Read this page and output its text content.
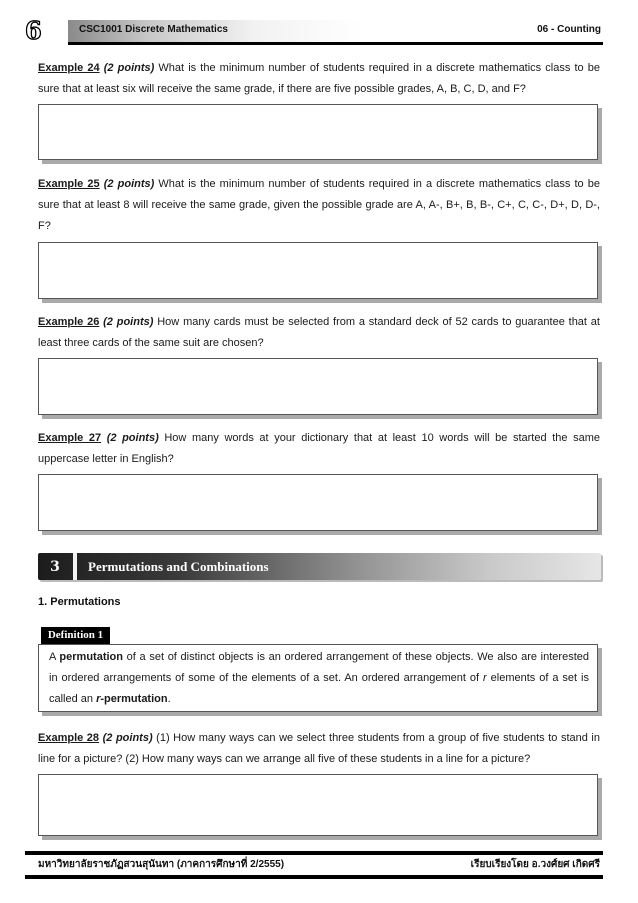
6	CSC1001 Discrete Mathematics	06 - Counting
Example 24 (2 points) What is the minimum number of students required in a discrete mathematics class to be sure that at least six will receive the same grade, if there are five possible grades, A, B, C, D, and F?
Example 25 (2 points) What is the minimum number of students required in a discrete mathematics class to be sure that at least 8 will receive the same grade, given the possible grade are A, A-, B+, B, B-, C+, C, C-, D+, D, D-, F?
Example 26 (2 points) How many cards must be selected from a standard deck of 52 cards to guarantee that at least three cards of the same suit are chosen?
Example 27 (2 points) How many words at your dictionary that at least 10 words will be started the same uppercase letter in English?
3	Permutations and Combinations
1. Permutations
Definition 1
A permutation of a set of distinct objects is an ordered arrangement of these objects. We also are interested in ordered arrangements of some of the elements of a set. An ordered arrangement of r elements of a set is called an r-permutation.
Example 28 (2 points) (1) How many ways can we select three students from a group of five students to stand in line for a picture? (2) How many ways can we arrange all five of these students in a line for a picture?
มหาวิทยาลัยราชภัฏสวนสุนันทา (ภาคการศึกษาที่ 2/2555)	เรียบเรียงโดย อ.วงศ์ยศ เกิดศรี
